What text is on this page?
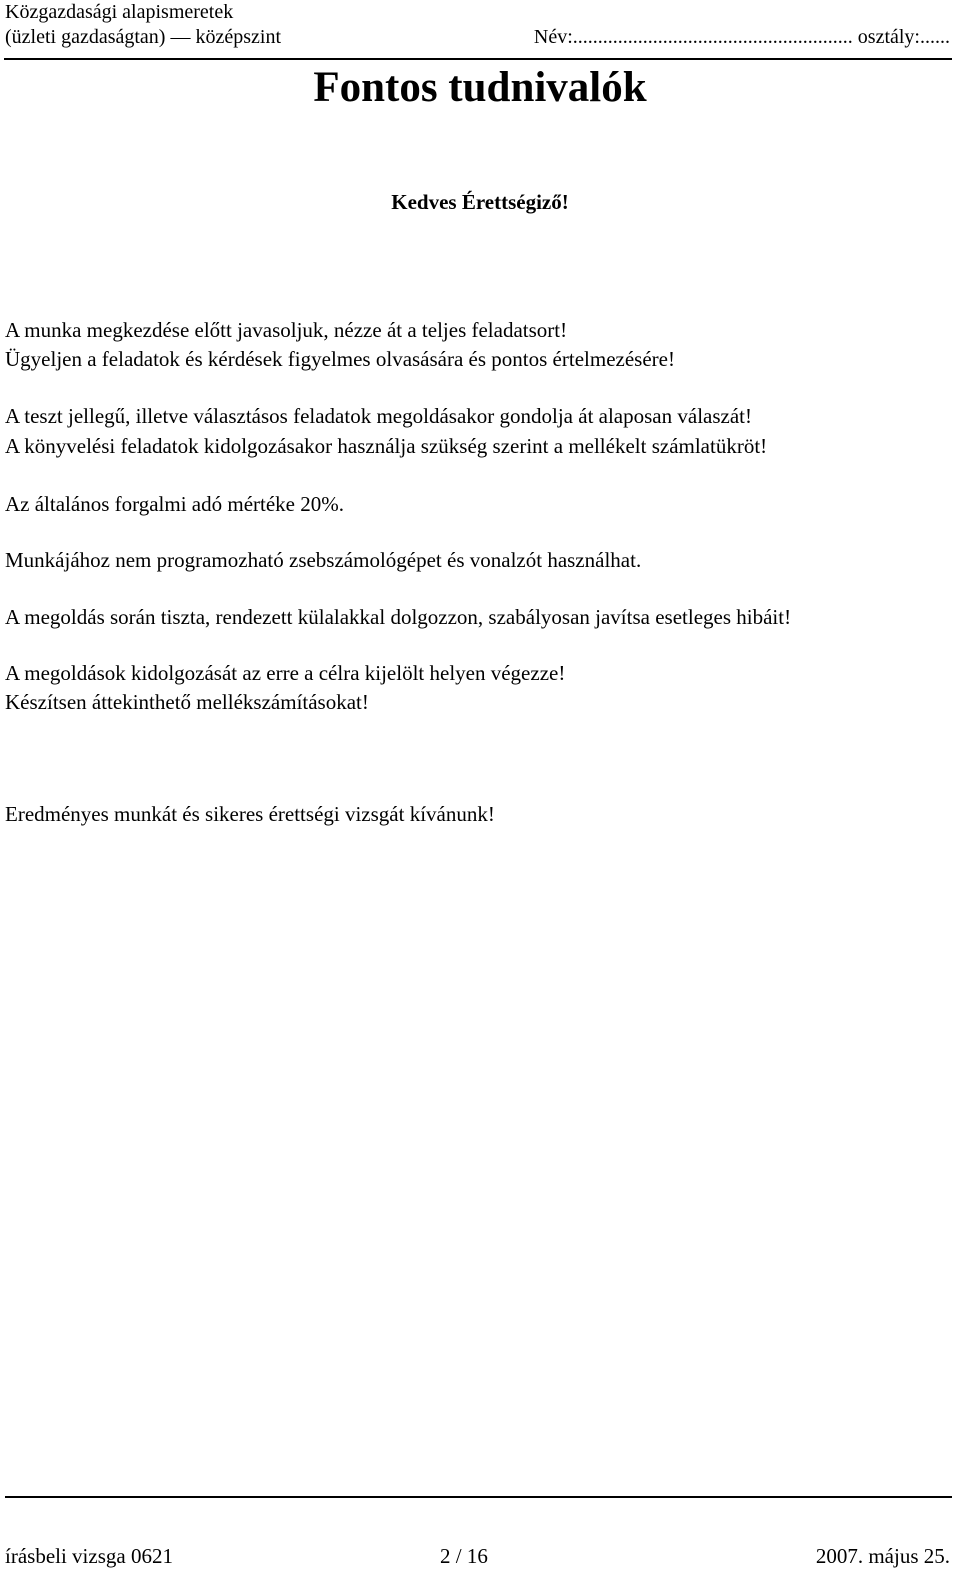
Közgazdasági alapismeretek
(üzleti gazdaságtan) — középszint	Név:........................................................ osztály:......
Fontos tudnivalók
Kedves Érettségiző!
A munka megkezdése előtt javasoljuk, nézze át a teljes feladatsort!
Ügyeljen a feladatok és kérdések figyelmes olvasására és pontos értelmezésére!
A teszt jellegű, illetve választásos feladatok megoldásakor gondolja át alaposan válaszát!
A könyvelési feladatok kidolgozásakor használja szükség szerint a mellékelt számlatükröt!
Az általános forgalmi adó mértéke 20%.
Munkájához nem programozható zsebszámológépet és vonalzót használhat.
A megoldás során tiszta, rendezett külalakkal dolgozzon, szabályosan javítsa esetleges hibáit!
A megoldások kidolgozását az erre a célra kijelölt helyen végezze!
Készítsen áttekinthető mellékszámításokat!
Eredményes munkát és sikeres érettségi vizsgát kívánunk!
írásbeli vizsga 0621	2 / 16	2007. május 25.
